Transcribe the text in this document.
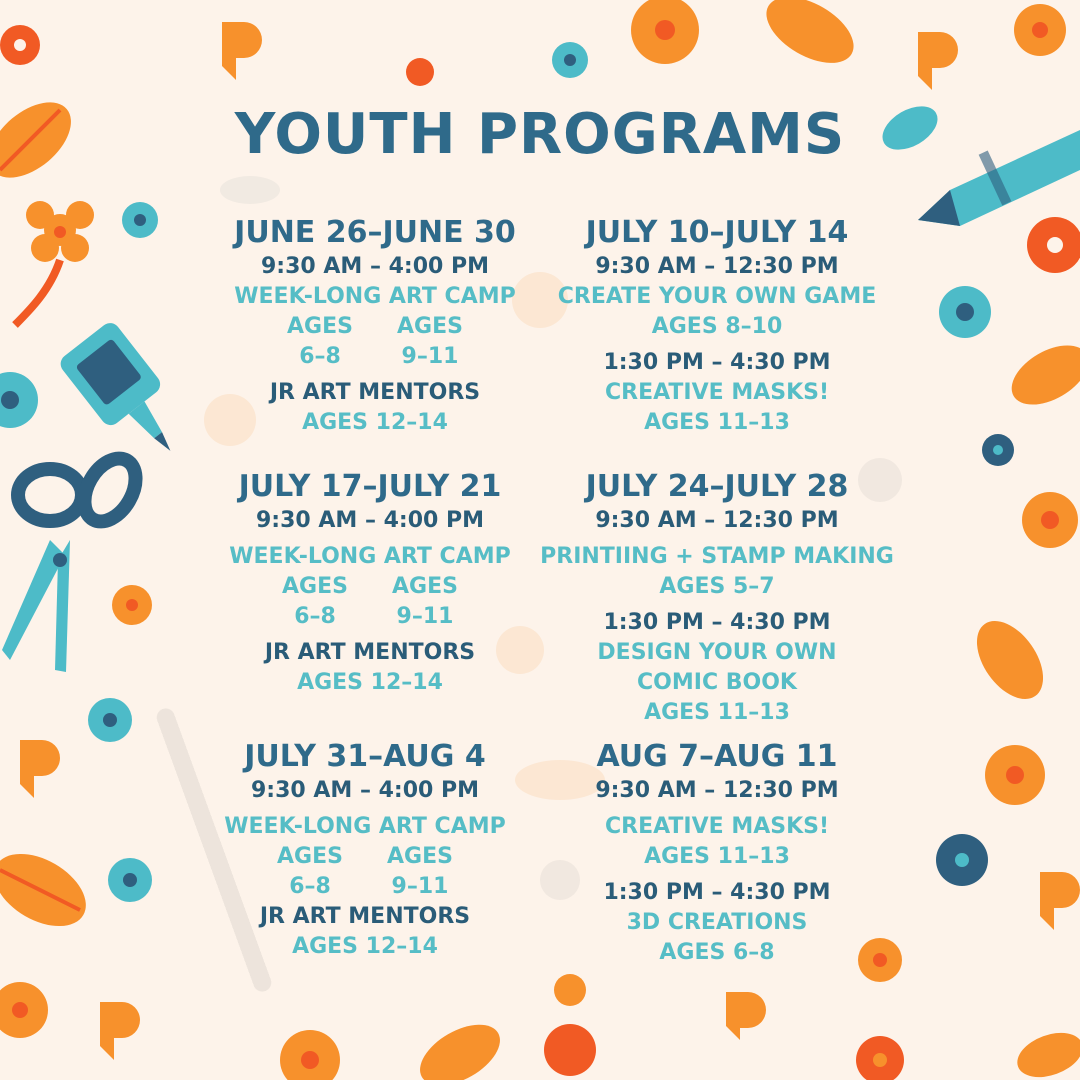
YOUTH PROGRAMS
JUNE 26–JUNE 30
9:30 AM – 4:00 PM
WEEK-LONG ART CAMP
AGES
6–8
AGES
9–11
JR ART MENTORS
AGES 12–14
JULY 10–JULY 14
9:30 AM – 12:30 PM
CREATE YOUR OWN GAME
AGES 8–10
1:30 PM – 4:30 PM
CREATIVE MASKS!
AGES 11–13
JULY 17–JULY 21
9:30 AM – 4:00 PM
WEEK-LONG ART CAMP
AGES
6–8
AGES
9–11
JR ART MENTORS
AGES 12–14
JULY 24–JULY 28
9:30 AM – 12:30 PM
PRINTIING + STAMP MAKING
AGES 5–7
1:30 PM – 4:30 PM
DESIGN YOUR OWN
COMIC BOOK
AGES 11–13
JULY 31–AUG 4
9:30 AM – 4:00 PM
WEEK-LONG ART CAMP
AGES
6–8
AGES
9–11
JR ART MENTORS
AGES 12–14
AUG 7–AUG 11
9:30 AM – 12:30 PM
CREATIVE MASKS!
AGES 11–13
1:30 PM – 4:30 PM
3D CREATIONS
AGES 6–8
